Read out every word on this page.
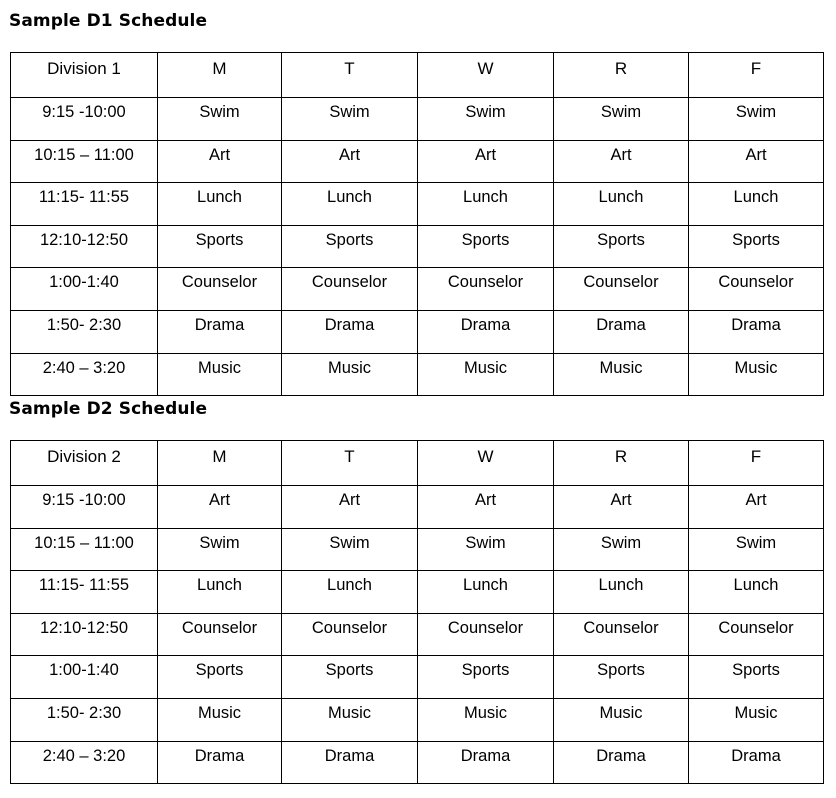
Sample D1 Schedule
Division 1	M	T	W	R	F
9:15 -10:00	Swim	Swim	Swim	Swim	Swim
10:15 – 11:00	Art	Art	Art	Art	Art
11:15- 11:55	Lunch	Lunch	Lunch	Lunch	Lunch
12:10-12:50	Sports	Sports	Sports	Sports	Sports
1:00-1:40	Counselor	Counselor	Counselor	Counselor	Counselor
1:50- 2:30	Drama	Drama	Drama	Drama	Drama
2:40 – 3:20	Music	Music	Music	Music	Music
Sample D2 Schedule
Division 2	M	T	W	R	F
9:15 -10:00	Art	Art	Art	Art	Art
10:15 – 11:00	Swim	Swim	Swim	Swim	Swim
11:15- 11:55	Lunch	Lunch	Lunch	Lunch	Lunch
12:10-12:50	Counselor	Counselor	Counselor	Counselor	Counselor
1:00-1:40	Sports	Sports	Sports	Sports	Sports
1:50- 2:30	Music	Music	Music	Music	Music
2:40 – 3:20	Drama	Drama	Drama	Drama	Drama
